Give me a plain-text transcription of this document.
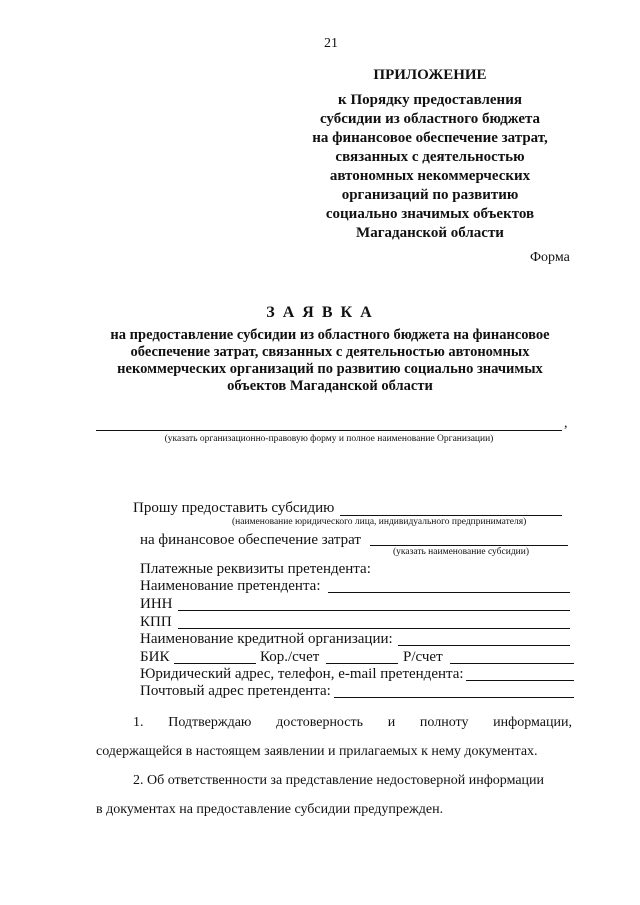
21
ПРИЛОЖЕНИЕ
к Порядку предоставления
субсидии из областного бюджета
на финансовое обеспечение затрат,
связанных с деятельностью
автономных некоммерческих
организаций по развитию
социально значимых объектов
Магаданской области
Форма
З А Я В К А
на предоставление субсидии из областного бюджета на финансовое
обеспечение затрат, связанных с деятельностью автономных
некоммерческих организаций по развитию социально значимых
объектов Магаданской области
,
(указать организационно-правовую форму и полное наименование Организации)
Прошу предоставить субсидию
(наименование юридического лица, индивидуального предпринимателя)
на финансовое обеспечение затрат
(указать наименование субсидии)
Платежные реквизиты претендента:
Наименование претендента:
ИНН
КПП
Наименование кредитной организации:
БИК	Кор./счет	Р/счет
Юридический адрес, телефон, e-mail претендента:
Почтовый адрес претендента:
1. Подтверждаю достоверность и полноту информации,
содержащейся в настоящем заявлении и прилагаемых к нему документах.
2. Об ответственности за представление недостоверной информации
в документах на предоставление субсидии предупрежден.
